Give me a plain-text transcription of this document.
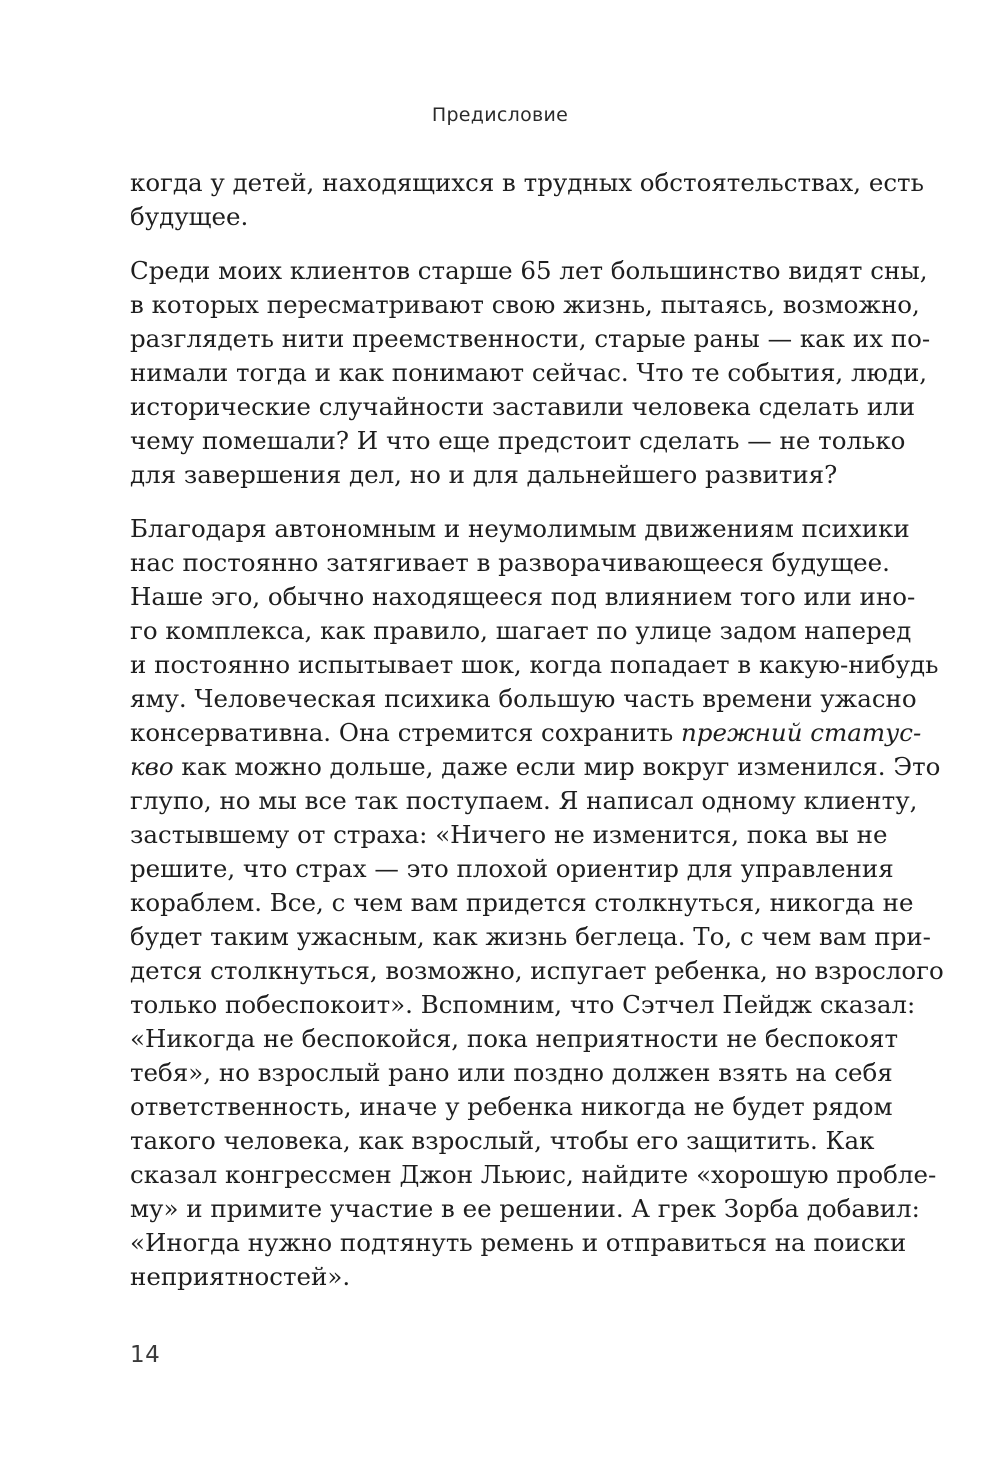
Предисловие
когда у детей, находящихся в трудных обстоятельствах, есть
будущее.
Среди моих клиентов старше 65 лет большинство видят сны,
в которых пересматривают свою жизнь, пытаясь, возможно,
разглядеть нити преемственности, старые раны — как их по-
нимали тогда и как понимают сейчас. Что те события, люди,
исторические случайности заставили человека сделать или
чему помешали? И что еще предстоит сделать — не только
для завершения дел, но и для дальнейшего развития?
Благодаря автономным и неумолимым движениям психики
нас постоянно затягивает в разворачивающееся будущее.
Наше эго, обычно находящееся под влиянием того или ино-
го комплекса, как правило, шагает по улице задом наперед
и постоянно испытывает шок, когда попадает в какую-нибудь
яму. Человеческая психика большую часть времени ужасно
консервативна. Она стремится сохранить прежний статус-
кво как можно дольше, даже если мир вокруг изменился. Это
глупо, но мы все так поступаем. Я написал одному клиенту,
застывшему от страха: «Ничего не изменится, пока вы не
решите, что страх — это плохой ориентир для управления
кораблем. Все, с чем вам придется столкнуться, никогда не
будет таким ужасным, как жизнь беглеца. То, с чем вам при-
дется столкнуться, возможно, испугает ребенка, но взрослого
только побеспокоит». Вспомним, что Сэтчел Пейдж сказал:
«Никогда не беспокойся, пока неприятности не беспокоят
тебя», но взрослый рано или поздно должен взять на себя
ответственность, иначе у ребенка никогда не будет рядом
такого человека, как взрослый, чтобы его защитить. Как
сказал конгрессмен Джон Льюис, найдите «хорошую пробле-
му» и примите участие в ее решении. А грек Зорба добавил:
«Иногда нужно подтянуть ремень и отправиться на поиски
неприятностей».
14
